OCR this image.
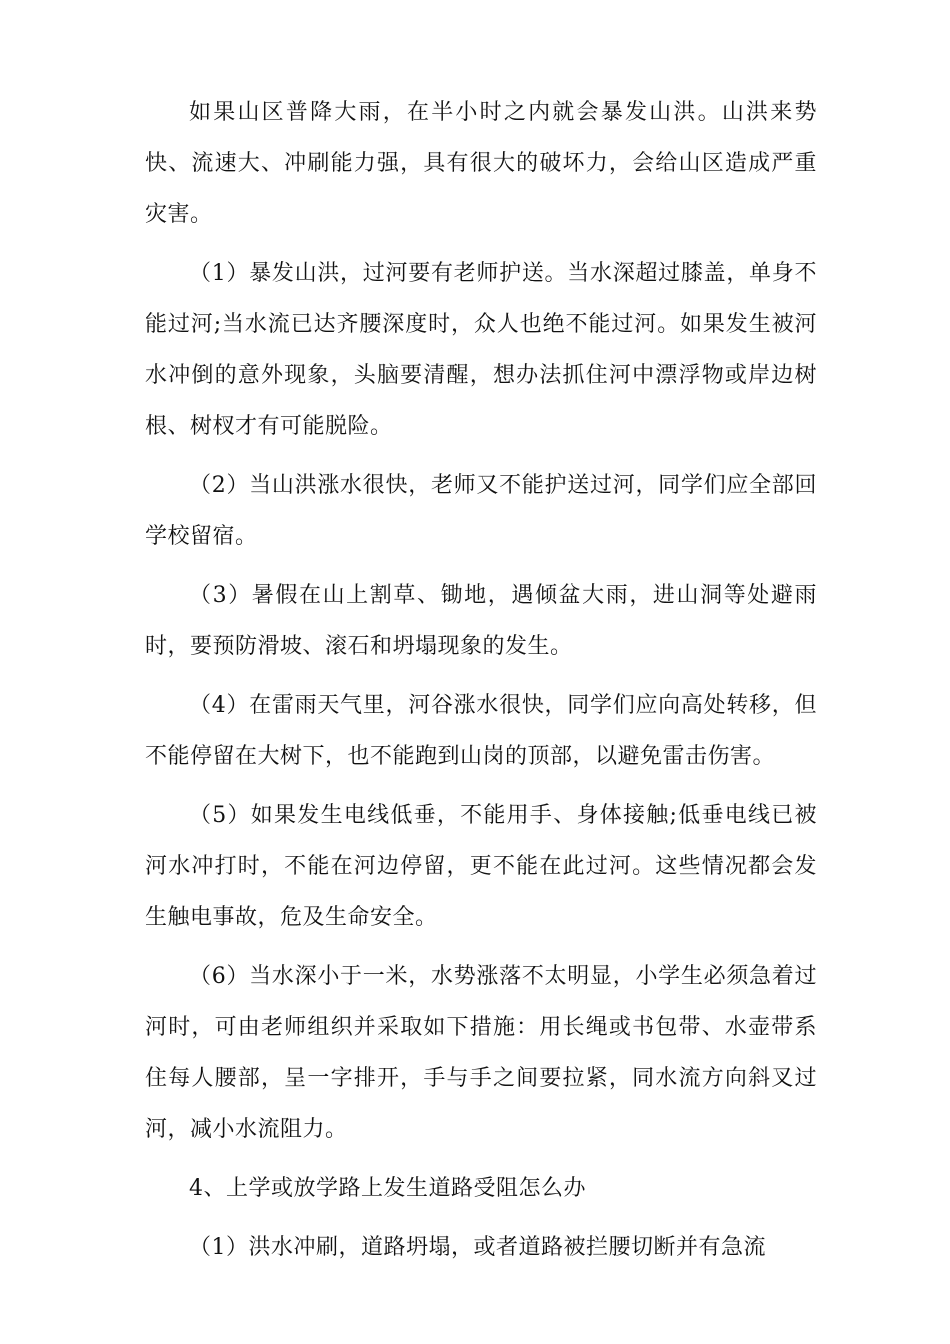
如果山区普降大雨，在半小时之内就会暴发山洪。山洪来势快、流速大、冲刷能力强，具有很大的破坏力，会给山区造成严重灾害。

（1）暴发山洪，过河要有老师护送。当水深超过膝盖，单身不能过河;当水流已达齐腰深度时，众人也绝不能过河。如果发生被河水冲倒的意外现象，头脑要清醒，想办法抓住河中漂浮物或岸边树根、树杈才有可能脱险。

（2）当山洪涨水很快，老师又不能护送过河，同学们应全部回学校留宿。

（3）暑假在山上割草、锄地，遇倾盆大雨，进山洞等处避雨时，要预防滑坡、滚石和坍塌现象的发生。

（4）在雷雨天气里，河谷涨水很快，同学们应向高处转移，但不能停留在大树下，也不能跑到山岗的顶部，以避免雷击伤害。

（5）如果发生电线低垂，不能用手、身体接触;低垂电线已被河水冲打时，不能在河边停留，更不能在此过河。这些情况都会发生触电事故，危及生命安全。

（6）当水深小于一米，水势涨落不太明显，小学生必须急着过河时，可由老师组织并采取如下措施：用长绳或书包带、水壶带系住每人腰部，呈一字排开，手与手之间要拉紧，同水流方向斜叉过河，减小水流阻力。

4、上学或放学路上发生道路受阻怎么办

（1）洪水冲刷，道路坍塌，或者道路被拦腰切断并有急流
